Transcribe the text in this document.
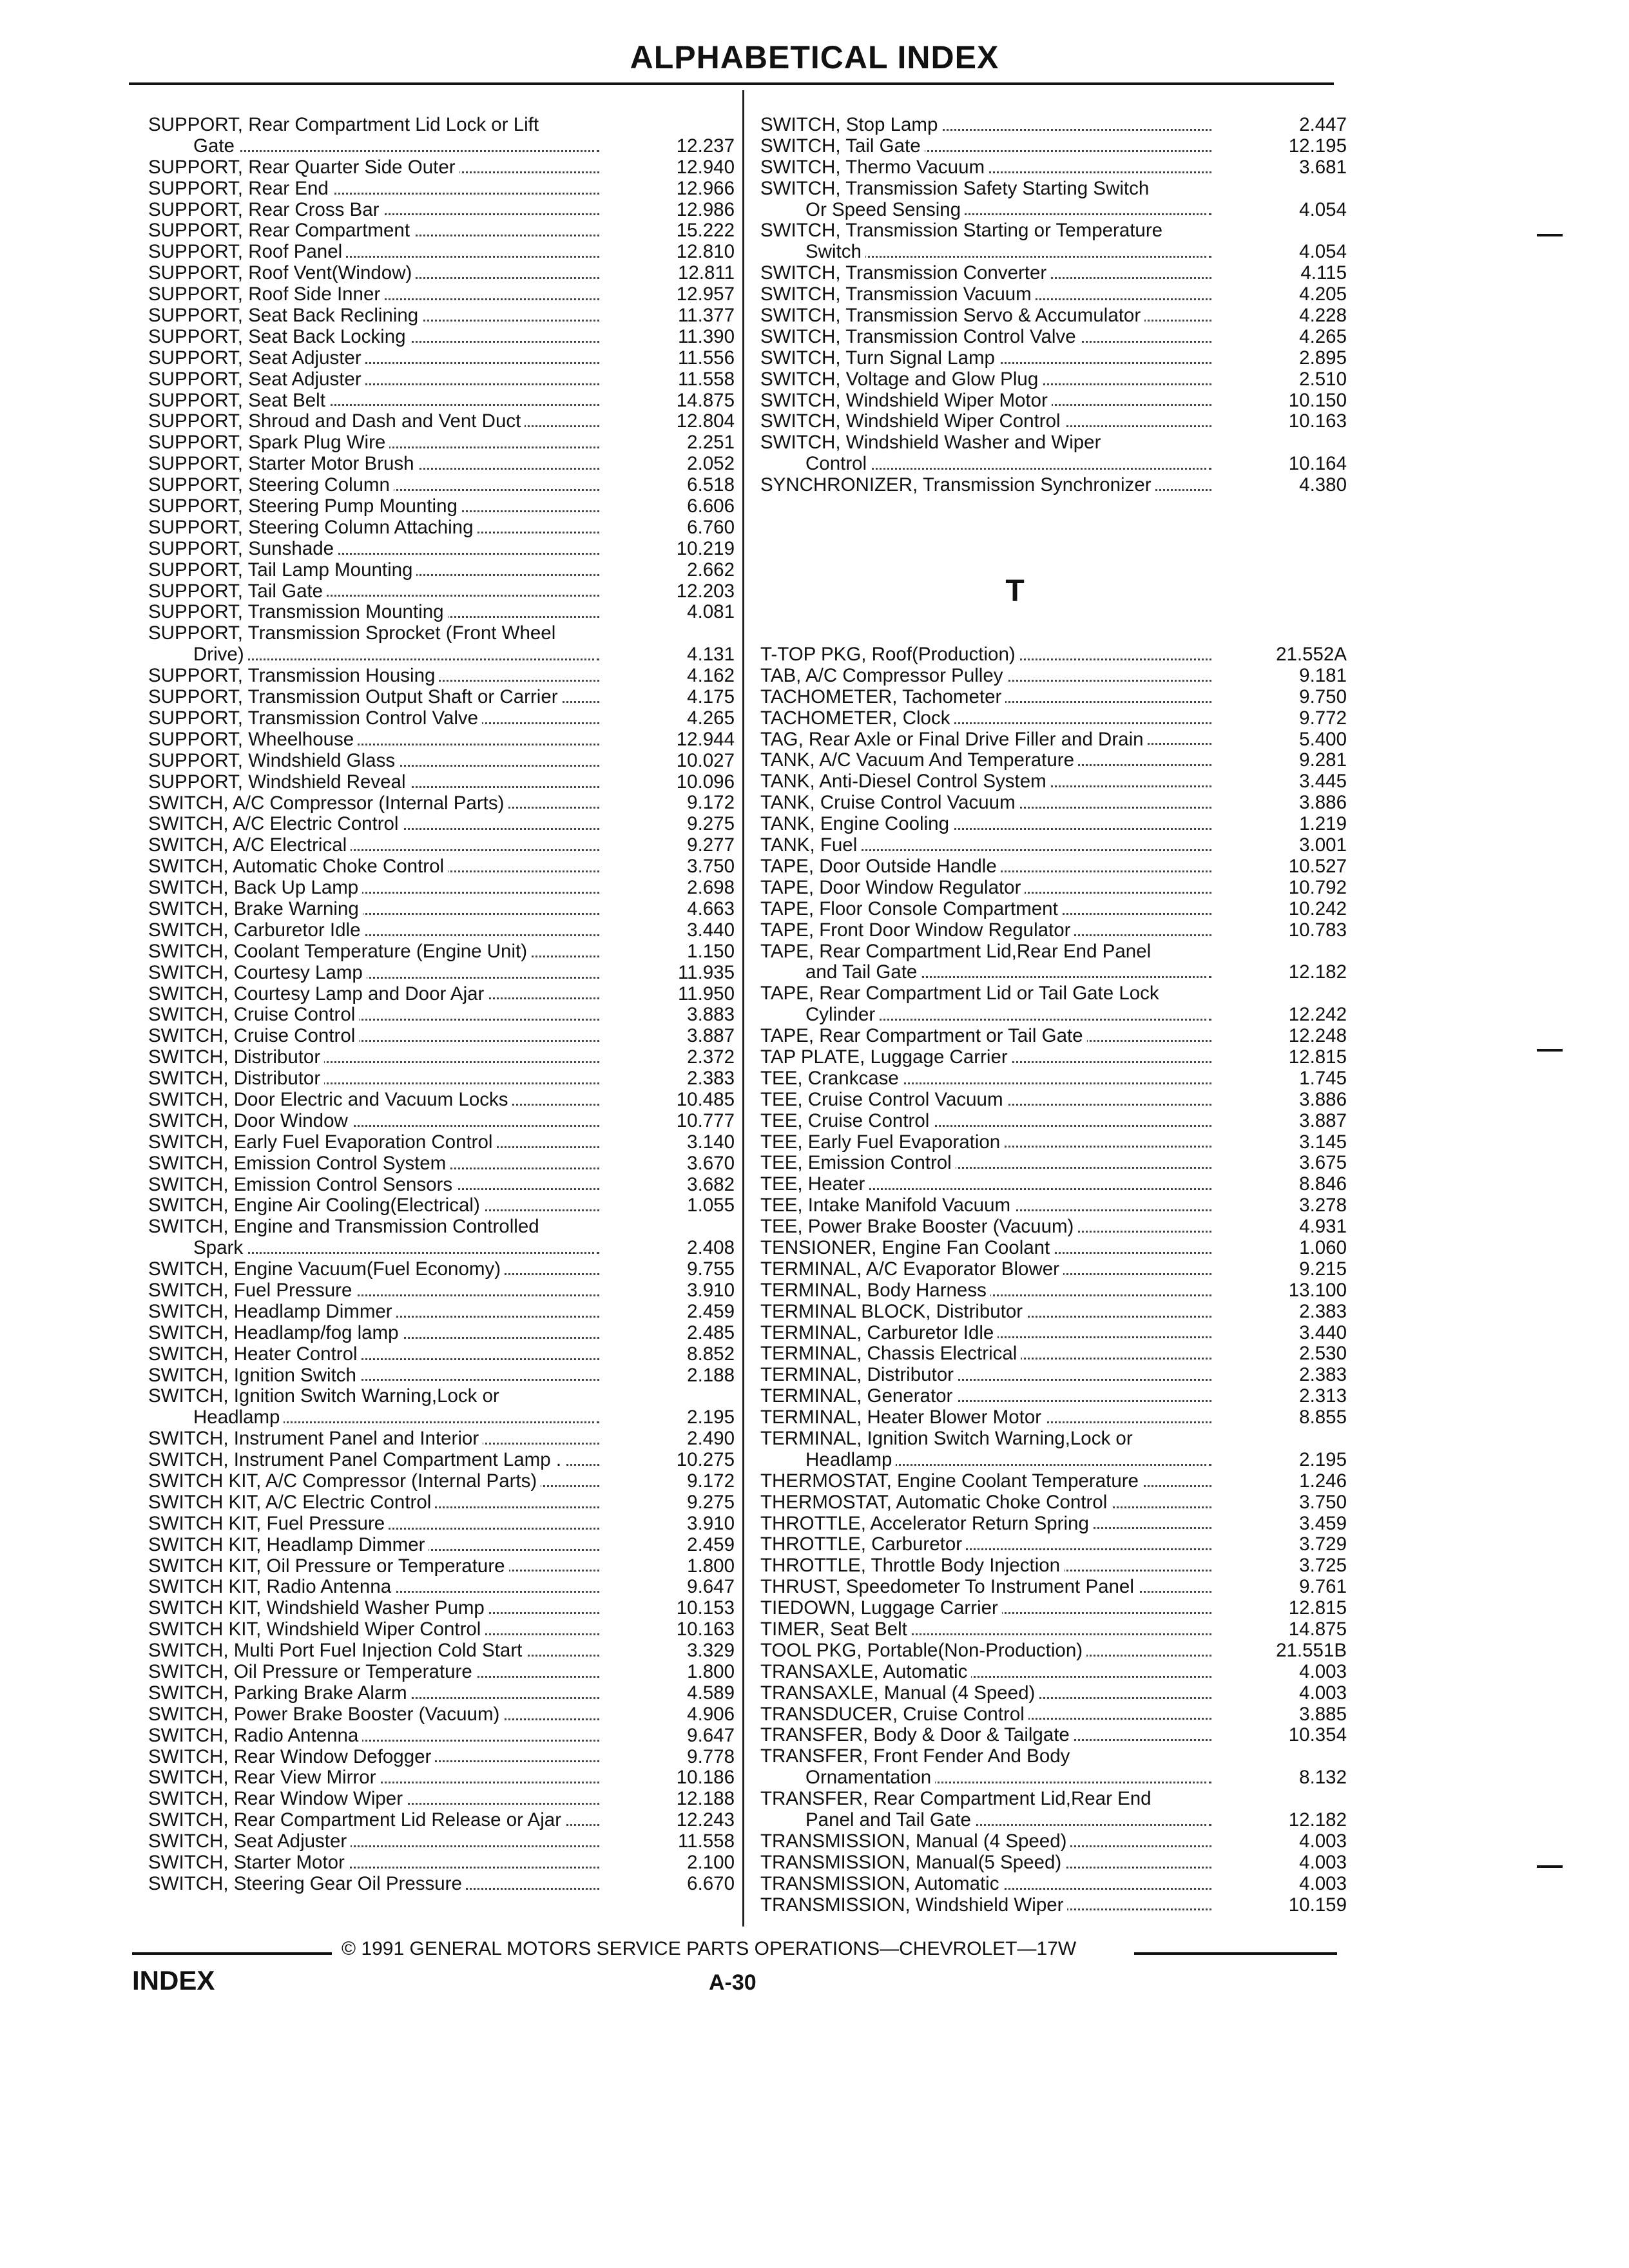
ALPHABETICAL INDEX
SUPPORT, Rear Compartment Lid Lock or Lift
Gate	12.237
SUPPORT, Rear Quarter Side Outer	12.940
SUPPORT, Rear End	12.966
SUPPORT, Rear Cross Bar	12.986
SUPPORT, Rear Compartment	15.222
SUPPORT, Roof Panel	12.810
SUPPORT, Roof Vent(Window)	12.811
SUPPORT, Roof Side Inner	12.957
SUPPORT, Seat Back Reclining	11.377
SUPPORT, Seat Back Locking	11.390
SUPPORT, Seat Adjuster	11.556
SUPPORT, Seat Adjuster	11.558
SUPPORT, Seat Belt	14.875
SUPPORT, Shroud and Dash and Vent Duct	12.804
SUPPORT, Spark Plug Wire	2.251
SUPPORT, Starter Motor Brush	2.052
SUPPORT, Steering Column	6.518
SUPPORT, Steering Pump Mounting	6.606
SUPPORT, Steering Column Attaching	6.760
SUPPORT, Sunshade	10.219
SUPPORT, Tail Lamp Mounting	2.662
SUPPORT, Tail Gate	12.203
SUPPORT, Transmission Mounting	4.081
SUPPORT, Transmission Sprocket (Front Wheel
Drive)	4.131
SUPPORT, Transmission Housing	4.162
SUPPORT, Transmission Output Shaft or Carrier	4.175
SUPPORT, Transmission Control Valve	4.265
SUPPORT, Wheelhouse	12.944
SUPPORT, Windshield Glass	10.027
SUPPORT, Windshield Reveal	10.096
SWITCH, A/C Compressor (Internal Parts)	9.172
SWITCH, A/C Electric Control	9.275
SWITCH, A/C Electrical	9.277
SWITCH, Automatic Choke Control	3.750
SWITCH, Back Up Lamp	2.698
SWITCH, Brake Warning	4.663
SWITCH, Carburetor Idle	3.440
SWITCH, Coolant Temperature (Engine Unit)	1.150
SWITCH, Courtesy Lamp	11.935
SWITCH, Courtesy Lamp and Door Ajar	11.950
SWITCH, Cruise Control	3.883
SWITCH, Cruise Control	3.887
SWITCH, Distributor	2.372
SWITCH, Distributor	2.383
SWITCH, Door Electric and Vacuum Locks	10.485
SWITCH, Door Window	10.777
SWITCH, Early Fuel Evaporation Control	3.140
SWITCH, Emission Control System	3.670
SWITCH, Emission Control Sensors	3.682
SWITCH, Engine Air Cooling(Electrical)	1.055
SWITCH, Engine and Transmission Controlled
Spark	2.408
SWITCH, Engine Vacuum(Fuel Economy)	9.755
SWITCH, Fuel Pressure	3.910
SWITCH, Headlamp Dimmer	2.459
SWITCH, Headlamp/fog lamp	2.485
SWITCH, Heater Control	8.852
SWITCH, Ignition Switch	2.188
SWITCH, Ignition Switch Warning,Lock or
Headlamp	2.195
SWITCH, Instrument Panel and Interior	2.490
SWITCH, Instrument Panel Compartment Lamp .	10.275
SWITCH KIT, A/C Compressor (Internal Parts)	9.172
SWITCH KIT, A/C Electric Control	9.275
SWITCH KIT, Fuel Pressure	3.910
SWITCH KIT, Headlamp Dimmer	2.459
SWITCH KIT, Oil Pressure or Temperature	1.800
SWITCH KIT, Radio Antenna	9.647
SWITCH KIT, Windshield Washer Pump	10.153
SWITCH KIT, Windshield Wiper Control	10.163
SWITCH, Multi Port Fuel Injection Cold Start	3.329
SWITCH, Oil Pressure or Temperature	1.800
SWITCH, Parking Brake Alarm	4.589
SWITCH, Power Brake Booster (Vacuum)	4.906
SWITCH, Radio Antenna	9.647
SWITCH, Rear Window Defogger	9.778
SWITCH, Rear View Mirror	10.186
SWITCH, Rear Window Wiper	12.188
SWITCH, Rear Compartment Lid Release or Ajar	12.243
SWITCH, Seat Adjuster	11.558
SWITCH, Starter Motor	2.100
SWITCH, Steering Gear Oil Pressure	6.670
SWITCH, Stop Lamp	2.447
SWITCH, Tail Gate	12.195
SWITCH, Thermo Vacuum	3.681
SWITCH, Transmission Safety Starting Switch
Or Speed Sensing	4.054
SWITCH, Transmission Starting or Temperature
Switch	4.054
SWITCH, Transmission Converter	4.115
SWITCH, Transmission Vacuum	4.205
SWITCH, Transmission Servo & Accumulator	4.228
SWITCH, Transmission Control Valve	4.265
SWITCH, Turn Signal Lamp	2.895
SWITCH, Voltage and Glow Plug	2.510
SWITCH, Windshield Wiper Motor	10.150
SWITCH, Windshield Wiper Control	10.163
SWITCH, Windshield Washer and Wiper
Control	10.164
SYNCHRONIZER, Transmission Synchronizer	4.380
T
T-TOP PKG, Roof(Production)	21.552A
TAB, A/C Compressor Pulley	9.181
TACHOMETER, Tachometer	9.750
TACHOMETER, Clock	9.772
TAG, Rear Axle or Final Drive Filler and Drain	5.400
TANK, A/C Vacuum And Temperature	9.281
TANK, Anti-Diesel Control System	3.445
TANK, Cruise Control Vacuum	3.886
TANK, Engine Cooling	1.219
TANK, Fuel	3.001
TAPE, Door Outside Handle	10.527
TAPE, Door Window Regulator	10.792
TAPE, Floor Console Compartment	10.242
TAPE, Front Door Window Regulator	10.783
TAPE, Rear Compartment Lid,Rear End Panel
and Tail Gate	12.182
TAPE, Rear Compartment Lid or Tail Gate Lock
Cylinder	12.242
TAPE, Rear Compartment or Tail Gate	12.248
TAP PLATE, Luggage Carrier	12.815
TEE, Crankcase	1.745
TEE, Cruise Control Vacuum	3.886
TEE, Cruise Control	3.887
TEE, Early Fuel Evaporation	3.145
TEE, Emission Control	3.675
TEE, Heater	8.846
TEE, Intake Manifold Vacuum	3.278
TEE, Power Brake Booster (Vacuum)	4.931
TENSIONER, Engine Fan Coolant	1.060
TERMINAL, A/C Evaporator Blower	9.215
TERMINAL, Body Harness	13.100
TERMINAL BLOCK, Distributor	2.383
TERMINAL, Carburetor Idle	3.440
TERMINAL, Chassis Electrical	2.530
TERMINAL, Distributor	2.383
TERMINAL, Generator	2.313
TERMINAL, Heater Blower Motor	8.855
TERMINAL, Ignition Switch Warning,Lock or
Headlamp	2.195
THERMOSTAT, Engine Coolant Temperature	1.246
THERMOSTAT, Automatic Choke Control	3.750
THROTTLE, Accelerator Return Spring	3.459
THROTTLE, Carburetor	3.729
THROTTLE, Throttle Body Injection	3.725
THRUST, Speedometer To Instrument Panel	9.761
TIEDOWN, Luggage Carrier	12.815
TIMER, Seat Belt	14.875
TOOL PKG, Portable(Non-Production)	21.551B
TRANSAXLE, Automatic	4.003
TRANSAXLE, Manual (4 Speed)	4.003
TRANSDUCER, Cruise Control	3.885
TRANSFER, Body & Door & Tailgate	10.354
TRANSFER, Front Fender And Body
Ornamentation	8.132
TRANSFER, Rear Compartment Lid,Rear End
Panel and Tail Gate	12.182
TRANSMISSION, Manual (4 Speed)	4.003
TRANSMISSION, Manual(5 Speed)	4.003
TRANSMISSION, Automatic	4.003
TRANSMISSION, Windshield Wiper	10.159
© 1991 GENERAL MOTORS SERVICE PARTS OPERATIONS—CHEVROLET—17W
INDEX	A-30
